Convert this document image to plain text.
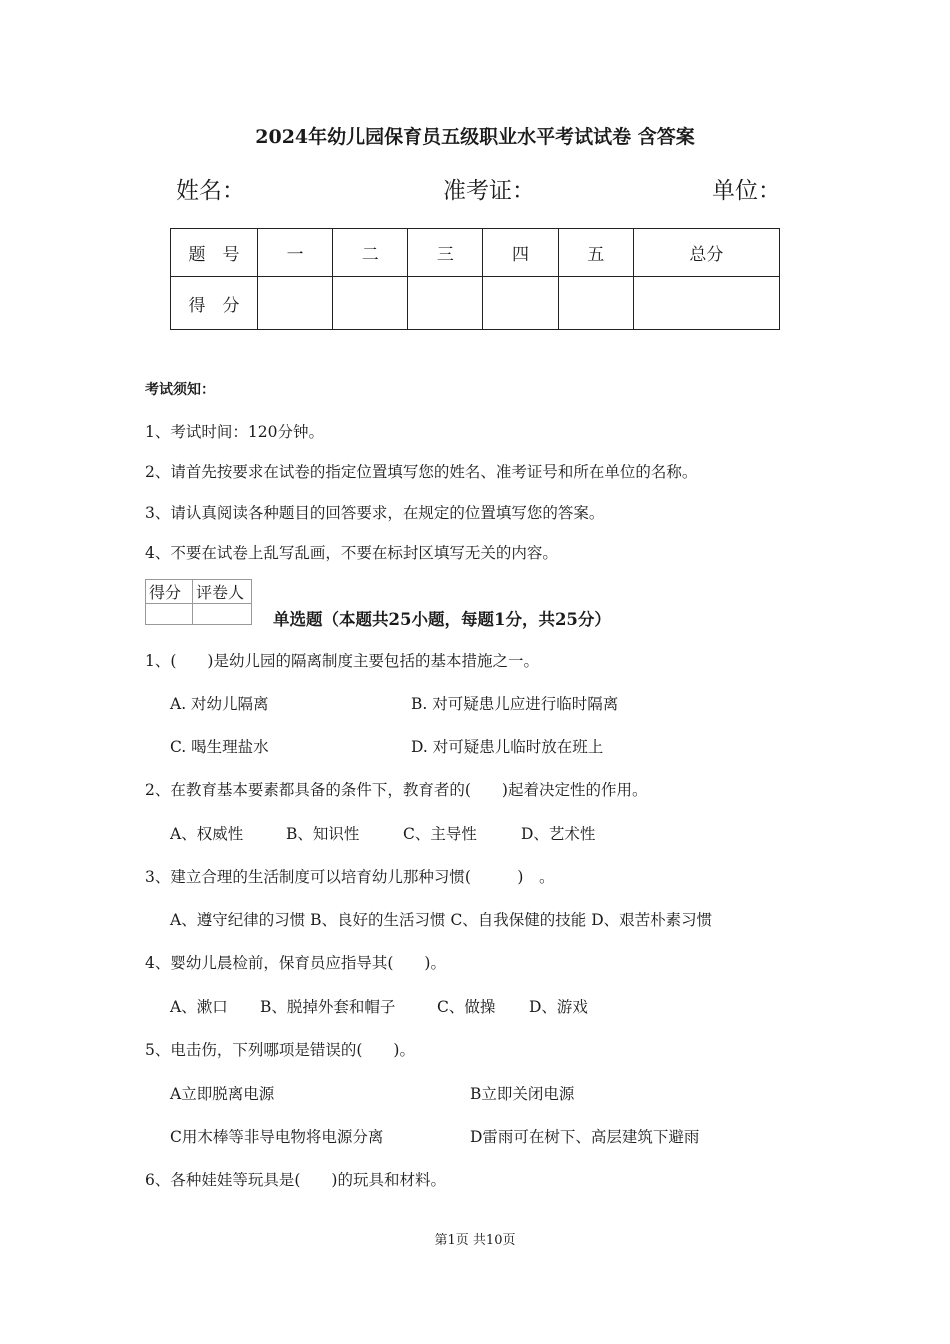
2024年幼儿园保育员五级职业水平考试试卷 含答案
姓名：	准考证：	单位：
题　号	一	二	三	四	五	总分
得　分						
考试须知：
1、考试时间：120分钟。
2、请首先按要求在试卷的指定位置填写您的姓名、准考证号和所在单位的名称。
3、请认真阅读各种题目的回答要求，在规定的位置填写您的答案。
4、不要在试卷上乱写乱画，不要在标封区填写无关的内容。
得分	评卷人

单选题（本题共25小题，每题1分，共25分）
1、(　　)是幼儿园的隔离制度主要包括的基本措施之一。
A. 对幼儿隔离	B. 对可疑患儿应进行临时隔离
C. 喝生理盐水	D. 对可疑患儿临时放在班上
2、在教育基本要素都具备的条件下，教育者的(　　)起着决定性的作用。
A、权威性	B、知识性	C、主导性	D、艺术性
3、建立合理的生活制度可以培育幼儿那种习惯(　　　)　。
A、遵守纪律的习惯 B、良好的生活习惯 C、自我保健的技能 D、艰苦朴素习惯
4、婴幼儿晨检前，保育员应指导其(　　)。
A、漱口 B、脱掉外套和帽子	C、做操 D、游戏
5、电击伤，下列哪项是错误的(　　)。
A立即脱离电源	B立即关闭电源
C用木棒等非导电物将电源分离	D雷雨可在树下、高层建筑下避雨
6、各种娃娃等玩具是(　　)的玩具和材料。
第1页 共10页
